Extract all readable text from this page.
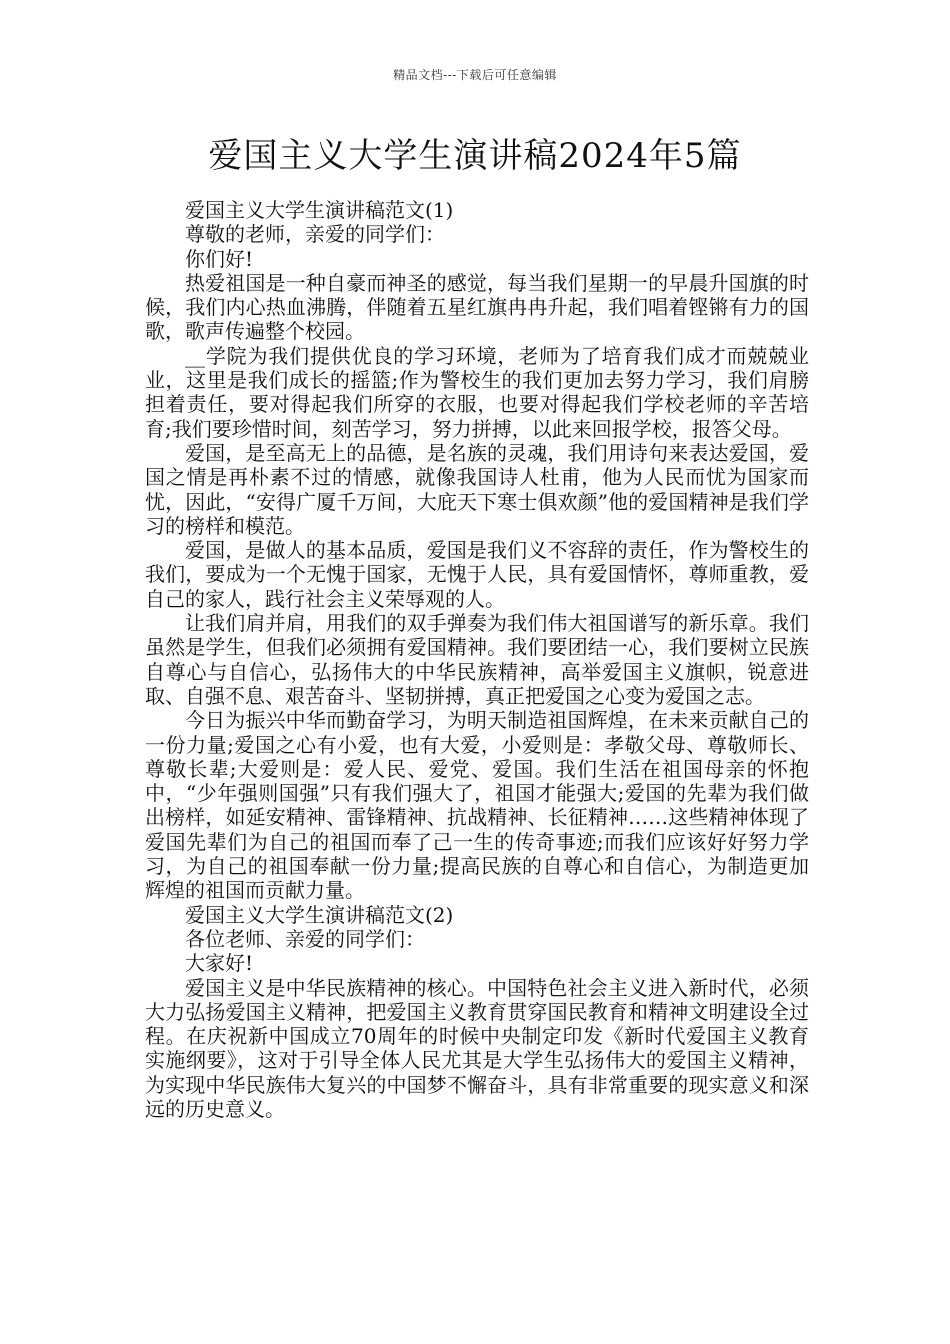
精品文档---下载后可任意编辑
爱国主义大学生演讲稿2024年5篇

爱国主义大学生演讲稿范文(1)

尊敬的老师，亲爱的同学们：

你们好!

热爱祖国是一种自豪而神圣的感觉，每当我们星期一的早晨升国旗的时候，我们内心热血沸腾，伴随着五星红旗冉冉升起，我们唱着铿锵有力的国歌，歌声传遍整个校园。

__学院为我们提供优良的学习环境，老师为了培育我们成才而兢兢业业，这里是我们成长的摇篮;作为警校生的我们更加去努力学习，我们肩膀担着责任，要对得起我们所穿的衣服，也要对得起我们学校老师的辛苦培育;我们要珍惜时间，刻苦学习，努力拼搏，以此来回报学校，报答父母。

爱国，是至高无上的品德，是名族的灵魂，我们用诗句来表达爱国，爱国之情是再朴素不过的情感，就像我国诗人杜甫，他为人民而忧为国家而忧，因此，“安得广厦千万间，大庇天下寒士俱欢颜”他的爱国精神是我们学习的榜样和模范。

爱国，是做人的基本品质，爱国是我们义不容辞的责任，作为警校生的我们，要成为一个无愧于国家，无愧于人民，具有爱国情怀，尊师重教，爱自己的家人，践行社会主义荣辱观的人。

让我们肩并肩，用我们的双手弹奏为我们伟大祖国谱写的新乐章。我们虽然是学生，但我们必须拥有爱国精神。我们要团结一心，我们要树立民族自尊心与自信心，弘扬伟大的中华民族精神，高举爱国主义旗帜，锐意进取、自强不息、艰苦奋斗、坚韧拼搏，真正把爱国之心变为爱国之志。

今日为振兴中华而勤奋学习，为明天制造祖国辉煌，在未来贡献自己的一份力量;爱国之心有小爱，也有大爱，小爱则是：孝敬父母、尊敬师长、尊敬长辈;大爱则是：爱人民、爱党、爱国。我们生活在祖国母亲的怀抱中，“少年强则国强”只有我们强大了，祖国才能强大;爱国的先辈为我们做出榜样，如延安精神、雷锋精神、抗战精神、长征精神……这些精神体现了爱国先辈们为自己的祖国而奉了己一生的传奇事迹;而我们应该好好努力学习，为自己的祖国奉献一份力量;提高民族的自尊心和自信心，为制造更加辉煌的祖国而贡献力量。

爱国主义大学生演讲稿范文(2)

各位老师、亲爱的同学们：

大家好!

爱国主义是中华民族精神的核心。中国特色社会主义进入新时代，必须大力弘扬爱国主义精神，把爱国主义教育贯穿国民教育和精神文明建设全过程。在庆祝新中国成立70周年的时候中央制定印发《新时代爱国主义教育实施纲要》，这对于引导全体人民尤其是大学生弘扬伟大的爱国主义精神，为实现中华民族伟大复兴的中国梦不懈奋斗，具有非常重要的现实意义和深远的历史意义。
